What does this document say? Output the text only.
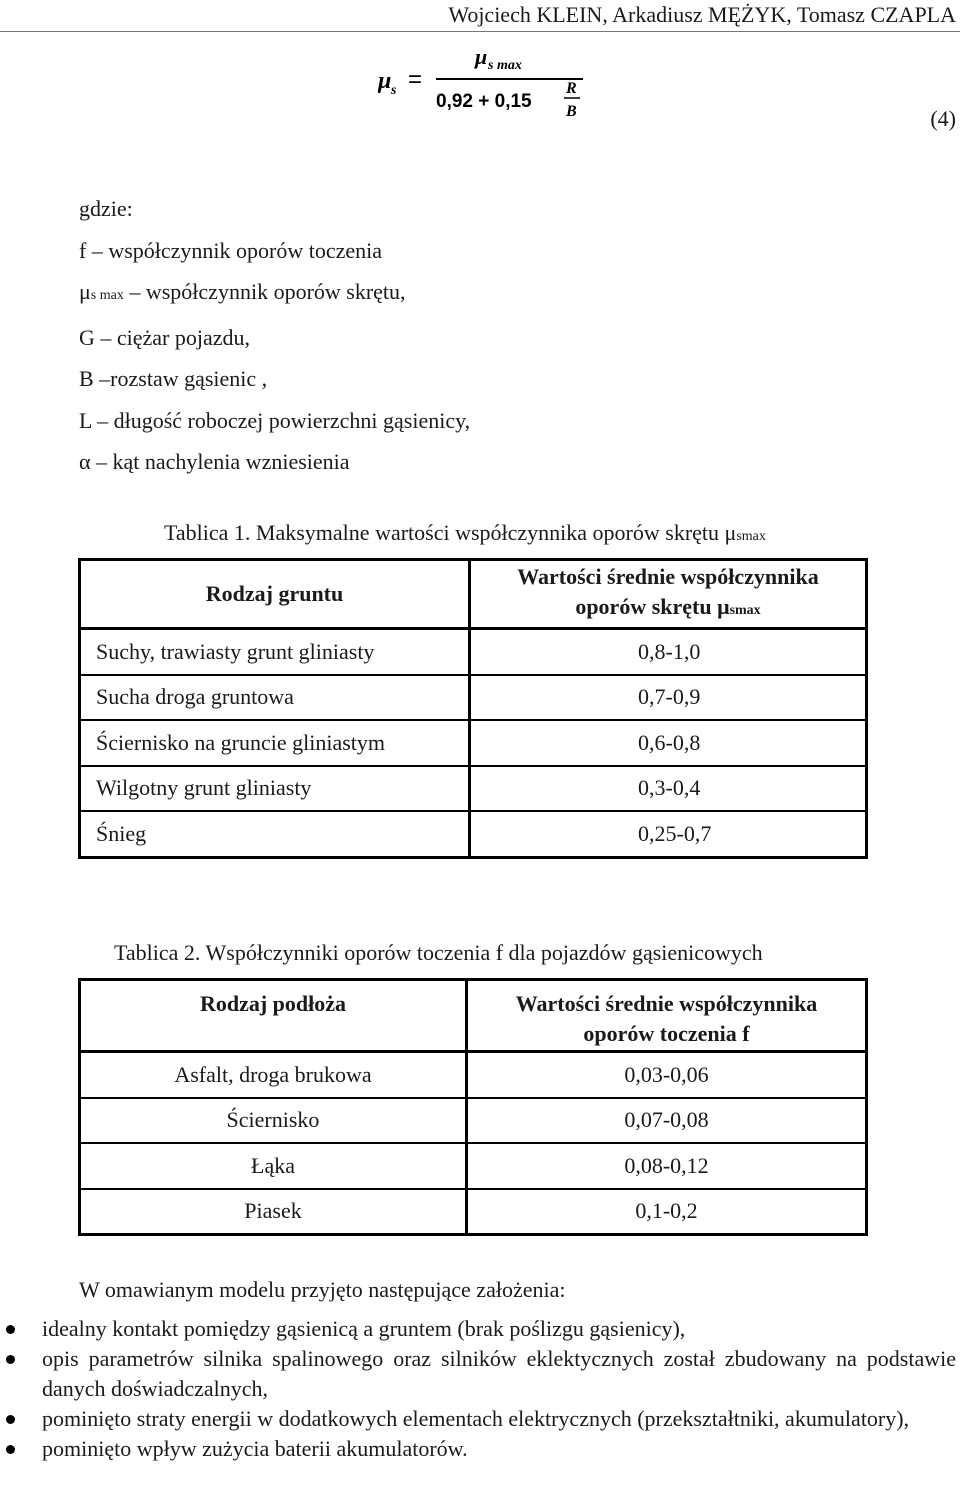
Wojciech KLEIN, Arkadiusz MĘŻYK, Tomasz CZAPLA
μ s =
μ s max
0,92 + 0,15
R
B	(4)
gdzie:
f – współczynnik oporów toczenia
μs max – współczynnik oporów skrętu,
G – ciężar pojazdu,
B –rozstaw gąsienic ,
L – długość roboczej powierzchni gąsienicy,
α – kąt nachylenia wzniesienia
Tablica 1. Maksymalne wartości współczynnika oporów skrętu μsmax
Rodzaj gruntu	Wartości średnie współczynnika
oporów skrętu μsmax
Suchy, trawiasty grunt gliniasty	0,8-1,0
Sucha droga gruntowa	0,7-0,9
Ściernisko na gruncie gliniastym	0,6-0,8
Wilgotny grunt gliniasty	0,3-0,4
Śnieg	0,25-0,7
Tablica 2. Współczynniki oporów toczenia f dla pojazdów gąsienicowych
Rodzaj podłoża	Wartości średnie współczynnika
oporów toczenia f
Asfalt, droga brukowa	0,03-0,06
Ściernisko	0,07-0,08
Łąka	0,08-0,12
Piasek	0,1-0,2
W omawianym modelu przyjęto następujące założenia:
idealny kontakt pomiędzy gąsienicą a gruntem (brak poślizgu gąsienicy),
opis parametrów silnika spalinowego oraz silników eklektycznych został zbudowany na podstawie danych doświadczalnych,
pominięto straty energii w dodatkowych elementach elektrycznych (przekształtniki, akumulatory),
pominięto wpływ zużycia baterii akumulatorów.
